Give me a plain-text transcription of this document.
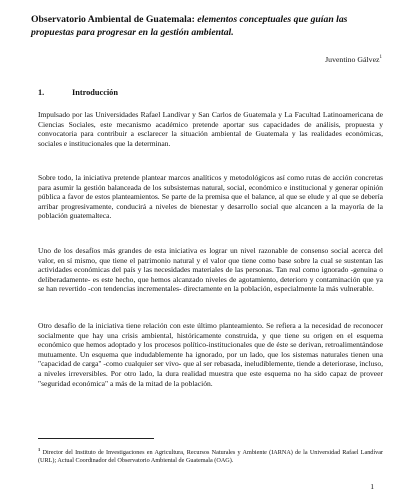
Observatorio Ambiental de Guatemala: elementos conceptuales que guían las propuestas para progresar en la gestión ambiental.
Juventino Gálvez$^1$
1.	Introducción

Impulsado por las Universidades Rafael Landívar y San Carlos de Guatemala y La Facultad Latinoamericana de Ciencias Sociales, este mecanismo académico pretende aportar sus capacidades de análisis, propuesta y convocatoria para contribuir a esclarecer la situación ambiental de Guatemala y las realidades económicas, sociales e institucionales que la determinan.

Sobre todo, la iniciativa pretende plantear marcos analíticos y metodológicos así como rutas de acción concretas para asumir la gestión balanceada de los subsistemas natural, social, económico e institucional y generar opinión pública a favor de estos planteamientos. Se parte de la premisa que el balance, al que se elude y al que se debería arribar progresivamente, conducirá a niveles de bienestar y desarrollo social que alcancen a la mayoría de la población guatemalteca.

Uno de los desafíos más grandes de esta iniciativa es lograr un nivel razonable de consenso social acerca del valor, en sí mismo, que tiene el patrimonio natural y el valor que tiene como base sobre la cual se sustentan las actividades económicas del país y las necesidades materiales de las personas. Tan real como ignorado -genuina o deliberadamente- es este hecho, que hemos alcanzado niveles de agotamiento, deterioro y contaminación que ya se han revertido -con tendencias incrementales- directamente en la población, especialmente la más vulnerable.

Otro desafío de la iniciativa tiene relación con este último planteamiento. Se refiera a la necesidad de reconocer socialmente que hay una crisis ambiental, históricamente construida, y que tiene su origen en el esquema económico que hemos adoptado y los procesos político-institucionales que de éste se derivan, retroalimentándose mutuamente. Un esquema que indudablemente ha ignorado, por un lado, que los sistemas naturales tienen una "capacidad de carga" -como cualquier ser vivo- que al ser rebasada, ineludiblemente, tiende a deteriorase, incluso, a niveles irreversibles. Por otro lado, la dura realidad muestra que este esquema no ha sido capaz de proveer "seguridad económica" a más de la mitad de la población.

$^1$ Director del Instituto de Investigaciones en Agricultura, Recursos Naturales y Ambiente (IARNA) de la Universidad Rafael Landívar (URL); Actual Coordinador del Observatorio Ambiental de Guatemala (OAG).

1
